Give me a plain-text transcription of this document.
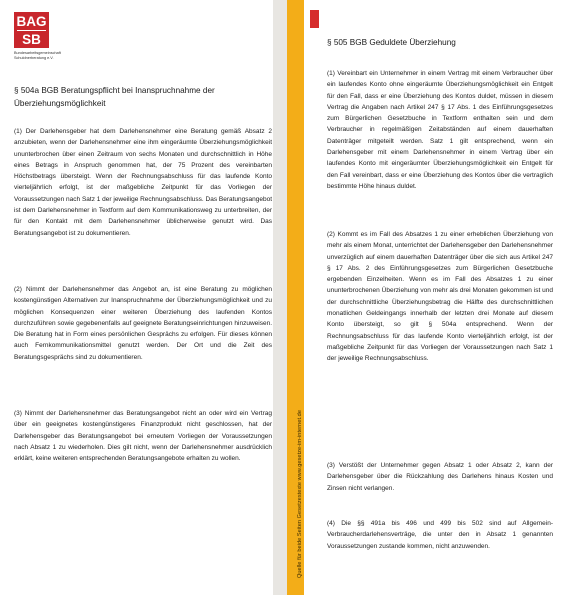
Quelle für beide Seiten Gesetzestexte www.gesetze-im-internet.de
BAG
SB
Bundesarbeitsgemeinschaft Schuldnerberatung e.V.
§ 504a BGB Beratungspflicht bei Inanspruchnahme der Überziehungsmöglichkeit
(1) Der Darlehensgeber hat dem Darlehensnehmer eine Beratung gemäß Absatz 2 anzubieten, wenn der Darlehensnehmer eine ihm eingeräumte Überziehungsmöglichkeit ununterbrochen über einen Zeitraum von sechs Monaten und durchschnittlich in Höhe eines Betrags in Anspruch genommen hat, der 75 Prozent des vereinbarten Höchstbetrags übersteigt. Wenn der Rechnungsabschluss für das laufende Konto vierteljährlich erfolgt, ist der maßgebliche Zeitpunkt für das Vorliegen der Voraussetzungen nach Satz 1 der jeweilige Rechnungsabschluss. Das Beratungsangebot ist dem Darlehensnehmer in Textform auf dem Kommunikationsweg zu unterbreiten, der für den Kontakt mit dem Darlehensnehmer üblicherweise genutzt wird. Das Beratungsangebot ist zu dokumentieren.
(2) Nimmt der Darlehensnehmer das Angebot an, ist eine Beratung zu möglichen kostengünstigen Alternativen zur Inanspruchnahme der Überziehungsmöglichkeit und zu möglichen Konsequenzen einer weiteren Überziehung des laufenden Kontos durchzuführen sowie gegebenenfalls auf geeignete Beratungseinrichtungen hinzuweisen. Die Beratung hat in Form eines persönlichen Gesprächs zu erfolgen. Für dieses können auch Fernkommunikationsmittel genutzt werden. Der Ort und die Zeit des Beratungsgesprächs sind zu dokumentieren.
(3) Nimmt der Darlehensnehmer das Beratungsangebot nicht an oder wird ein Vertrag über ein geeignetes kostengünstigeres Finanzprodukt nicht geschlossen, hat der Darlehensgeber das Beratungsangebot bei erneutem Vorliegen der Voraussetzungen nach Absatz 1 zu wiederholen. Dies gilt nicht, wenn der Darlehensnehmer ausdrücklich erklärt, keine weiteren entsprechenden Beratungsangebote erhalten zu wollen.
§ 505 BGB Geduldete Überziehung
(1) Vereinbart ein Unternehmer in einem Vertrag mit einem Verbraucher über ein laufendes Konto ohne eingeräumte Überziehungsmöglichkeit ein Entgelt für den Fall, dass er eine Überziehung des Kontos duldet, müssen in diesem Vertrag die Angaben nach Artikel 247 § 17 Abs. 1 des Einführungsgesetzes zum Bürgerlichen Gesetzbuche in Textform enthalten sein und dem Verbraucher in regelmäßigen Zeitabständen auf einem dauerhaften Datenträger mitgeteilt werden. Satz 1 gilt entsprechend, wenn ein Darlehensgeber mit einem Darlehensnehmer in einem Vertrag über ein laufendes Konto mit eingeräumter Überziehungsmöglichkeit ein Entgelt für den Fall vereinbart, dass er eine Überziehung des Kontos über die vertraglich bestimmte Höhe hinaus duldet.
(2) Kommt es im Fall des Absatzes 1 zu einer erheblichen Überziehung von mehr als einem Monat, unterrichtet der Darlehensgeber den Darlehensnehmer unverzüglich auf einem dauerhaften Datenträger über die sich aus Artikel 247 § 17 Abs. 2 des Einführungsgesetzes zum Bürgerlichen Gesetzbuche ergebenden Einzelheiten. Wenn es im Fall des Absatzes 1 zu einer ununterbrochenen Überziehung von mehr als drei Monaten gekommen ist und der durchschnittliche Überziehungsbetrag die Hälfte des durchschnittlichen monatlichen Geldeingangs innerhalb der letzten drei Monate auf diesem Konto übersteigt, so gilt § 504a entsprechend. Wenn der Rechnungsabschluss für das laufende Konto vierteljährlich erfolgt, ist der maßgebliche Zeitpunkt für das Vorliegen der Voraussetzungen nach Satz 1 der jeweilige Rechnungsabschluss.
(3) Verstößt der Unternehmer gegen Absatz 1 oder Absatz 2, kann der Darlehensgeber über die Rückzahlung des Darlehens hinaus Kosten und Zinsen nicht verlangen.
(4) Die §§ 491a bis 496 und 499 bis 502 sind auf Allgemein-Verbraucherdarlehensverträge, die unter den in Absatz 1 genannten Voraussetzungen zustande kommen, nicht anzuwenden.
